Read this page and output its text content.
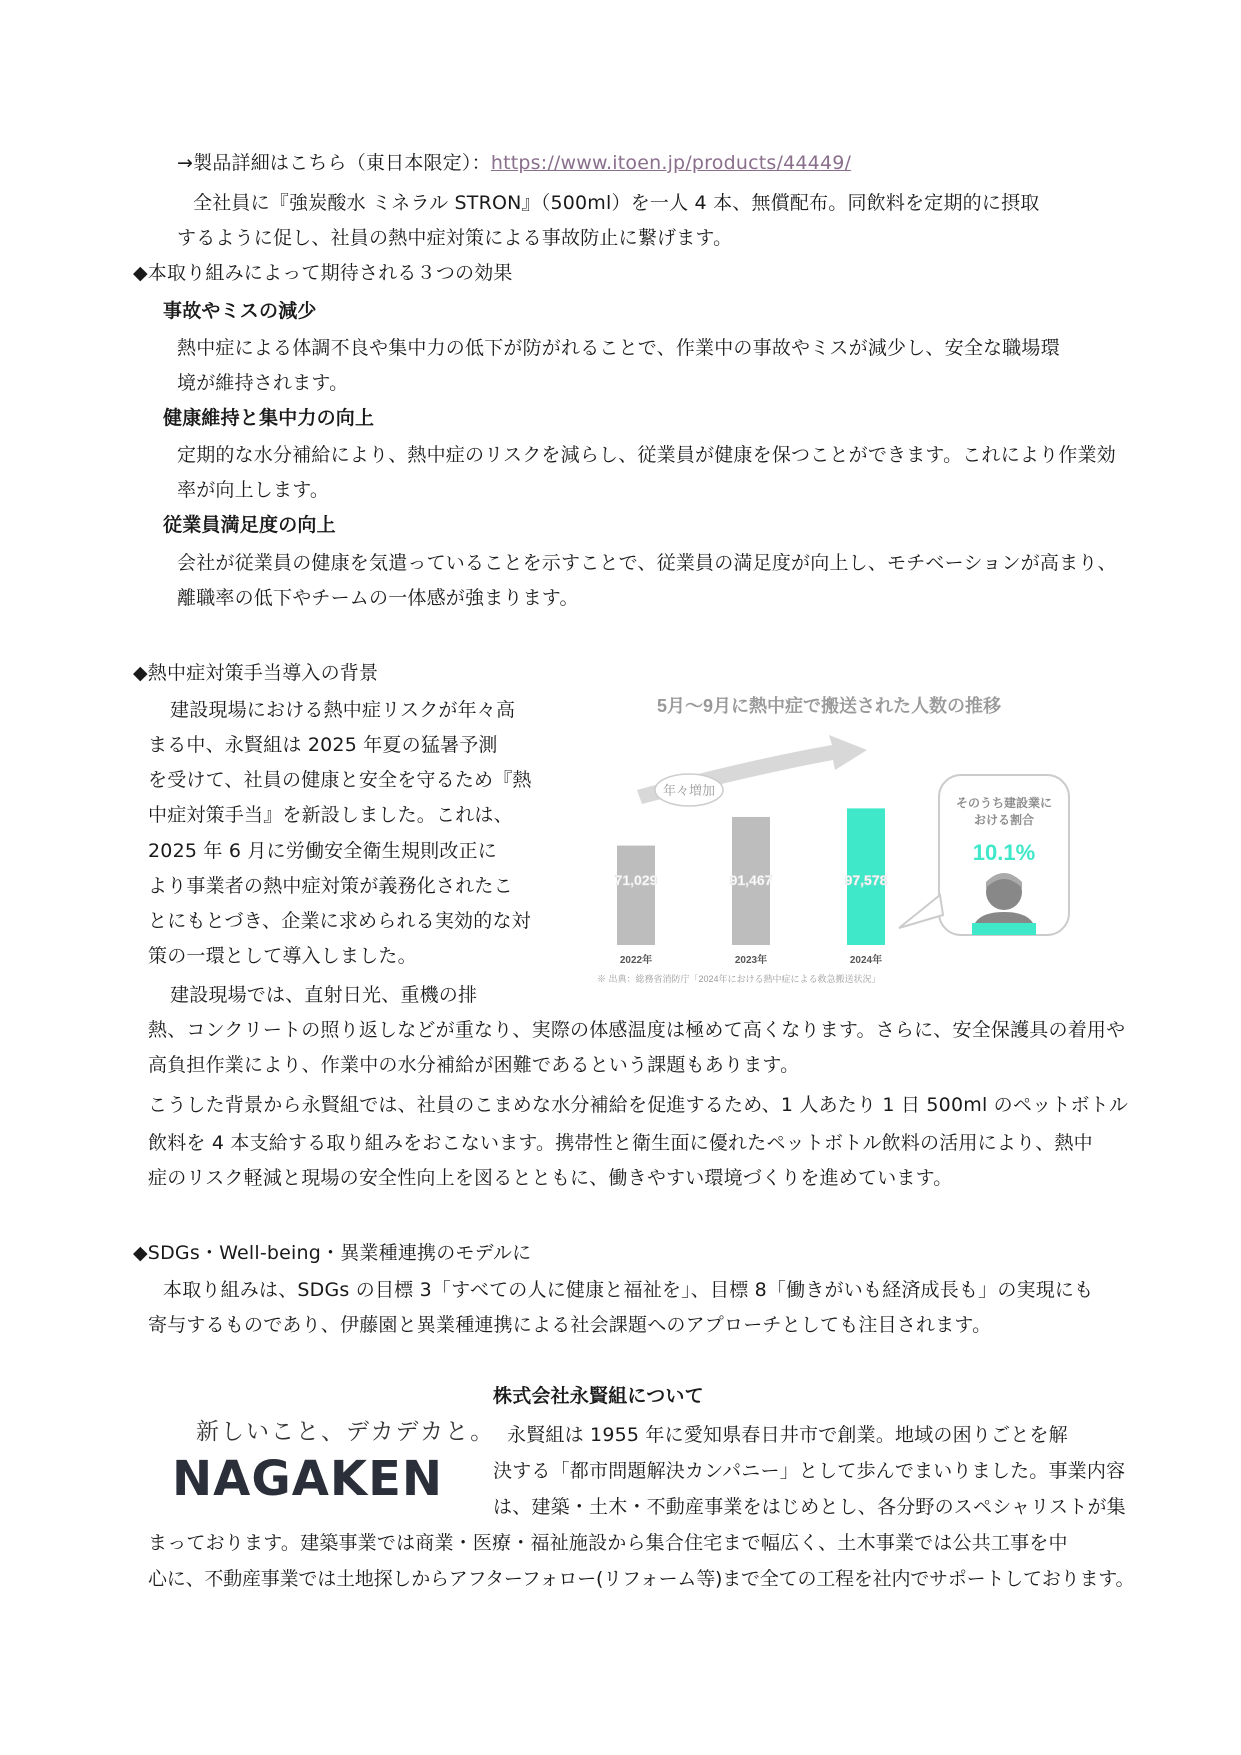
→製品詳細はこちら（東日本限定）：https://www.itoen.jp/products/44449/
全社員に『強炭酸水 ミネラル STRON』（500ml）を一人 4 本、無償配布。同飲料を定期的に摂取
するように促し、社員の熱中症対策による事故防止に繋げます。
◆本取り組みによって期待される３つの効果
事故やミスの減少
熱中症による体調不良や集中力の低下が防がれることで、作業中の事故やミスが減少し、安全な職場環
境が維持されます。
健康維持と集中力の向上
定期的な水分補給により、熱中症のリスクを減らし、従業員が健康を保つことができます。これにより作業効
率が向上します。
従業員満足度の向上
会社が従業員の健康を気遣っていることを示すことで、従業員の満足度が向上し、モチベーションが高まり、
離職率の低下やチームの一体感が強まります。
◆熱中症対策手当導入の背景
建設現場における熱中症リスクが年々高
まる中、永賢組は 2025 年夏の猛暑予測
を受けて、社員の健康と安全を守るため『熱
中症対策手当』を新設しました。これは、
2025 年 6 月に労働安全衛生規則改正に
より事業者の熱中症対策が義務化されたこ
とにもとづき、企業に求められる実効的な対
策の一環として導入しました。
建設現場では、直射日光、重機の排
熱、コンクリートの照り返しなどが重なり、実際の体感温度は極めて高くなります。さらに、安全保護具の着用や
高負担作業により、作業中の水分補給が困難であるという課題もあります。
こうした背景から永賢組では、社員のこまめな水分補給を促進するため、1 人あたり 1 日 500ml のペットボトル
飲料を 4 本支給する取り組みをおこないます。携帯性と衛生面に優れたペットボトル飲料の活用により、熱中
症のリスク軽減と現場の安全性向上を図るとともに、働きやすい環境づくりを進めています。
5月～9月に熱中症で搬送された人数の推移
71,029
2022年
91,467
2023年
97,578
2024年
年々増加
そのうち建設業に
おける割合
10.1%
※ 出典：総務省消防庁「2024年における熱中症による救急搬送状況」
◆SDGs・Well-being・異業種連携のモデルに
本取り組みは、SDGs の目標 3「すべての人に健康と福祉を」、目標 8「働きがいも経済成長も」の実現にも
寄与するものであり、伊藤園と異業種連携による社会課題へのアプローチとしても注目されます。
新しいこと、デカデカと。
NAGAKEN
株式会社永賢組について
永賢組は 1955 年に愛知県春日井市で創業。地域の困りごとを解
決する「都市問題解決カンパニー」として歩んでまいりました。事業内容
は、建築・土木・不動産事業をはじめとし、各分野のスペシャリストが集
まっております。建築事業では商業・医療・福祉施設から集合住宅まで幅広く、土木事業では公共工事を中
心に、不動産事業では土地探しからアフターフォロー(リフォーム等)まで全ての工程を社内でサポートしております。
